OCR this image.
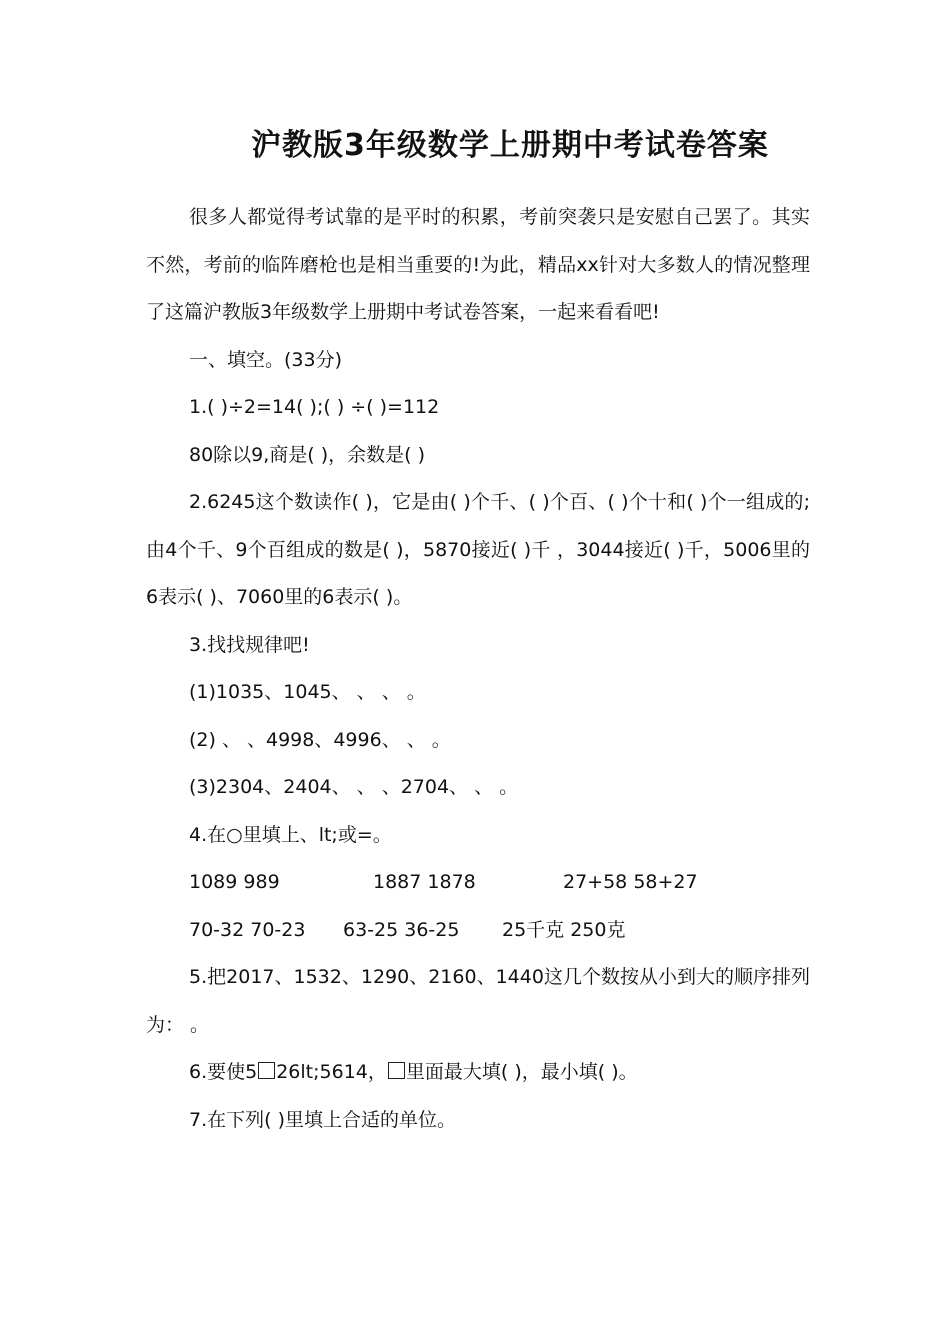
沪教版3年级数学上册期中考试卷答案

很多人都觉得考试靠的是平时的积累，考前突袭只是安慰自己罢了。其实不然，考前的临阵磨枪也是相当重要的!为此，精品xx针对大多数人的情况整理了这篇沪教版3年级数学上册期中考试卷答案，一起来看看吧!

一、填空。(33分)

1.( )÷2=14( );( ) ÷( )=112

80除以9,商是( )，余数是( )

2.6245这个数读作( )，它是由( )个千、( )个百、( )个十和( )个一组成的;由4个千、9个百组成的数是( )，5870接近( )千 ，3044接近( )千，5006里的6表示( )、7060里的6表示( )。

3.找找规律吧!

(1)1035、1045、 、 、 。

(2) 、 、4998、4996、 、 。

(3)2304、2404、 、 、2704、 、 。

4.在○里填上、lt;或=。

1089 989	1887 1878	27+58 58+27
70-32 70-23	63-25 36-25	25千克 250克

5.把2017、1532、1290、2160、1440这几个数按从小到大的顺序排列为： 。

6.要使5 26lt;5614， 里面最大填( )，最小填( )。

7.在下列( )里填上合适的单位。
